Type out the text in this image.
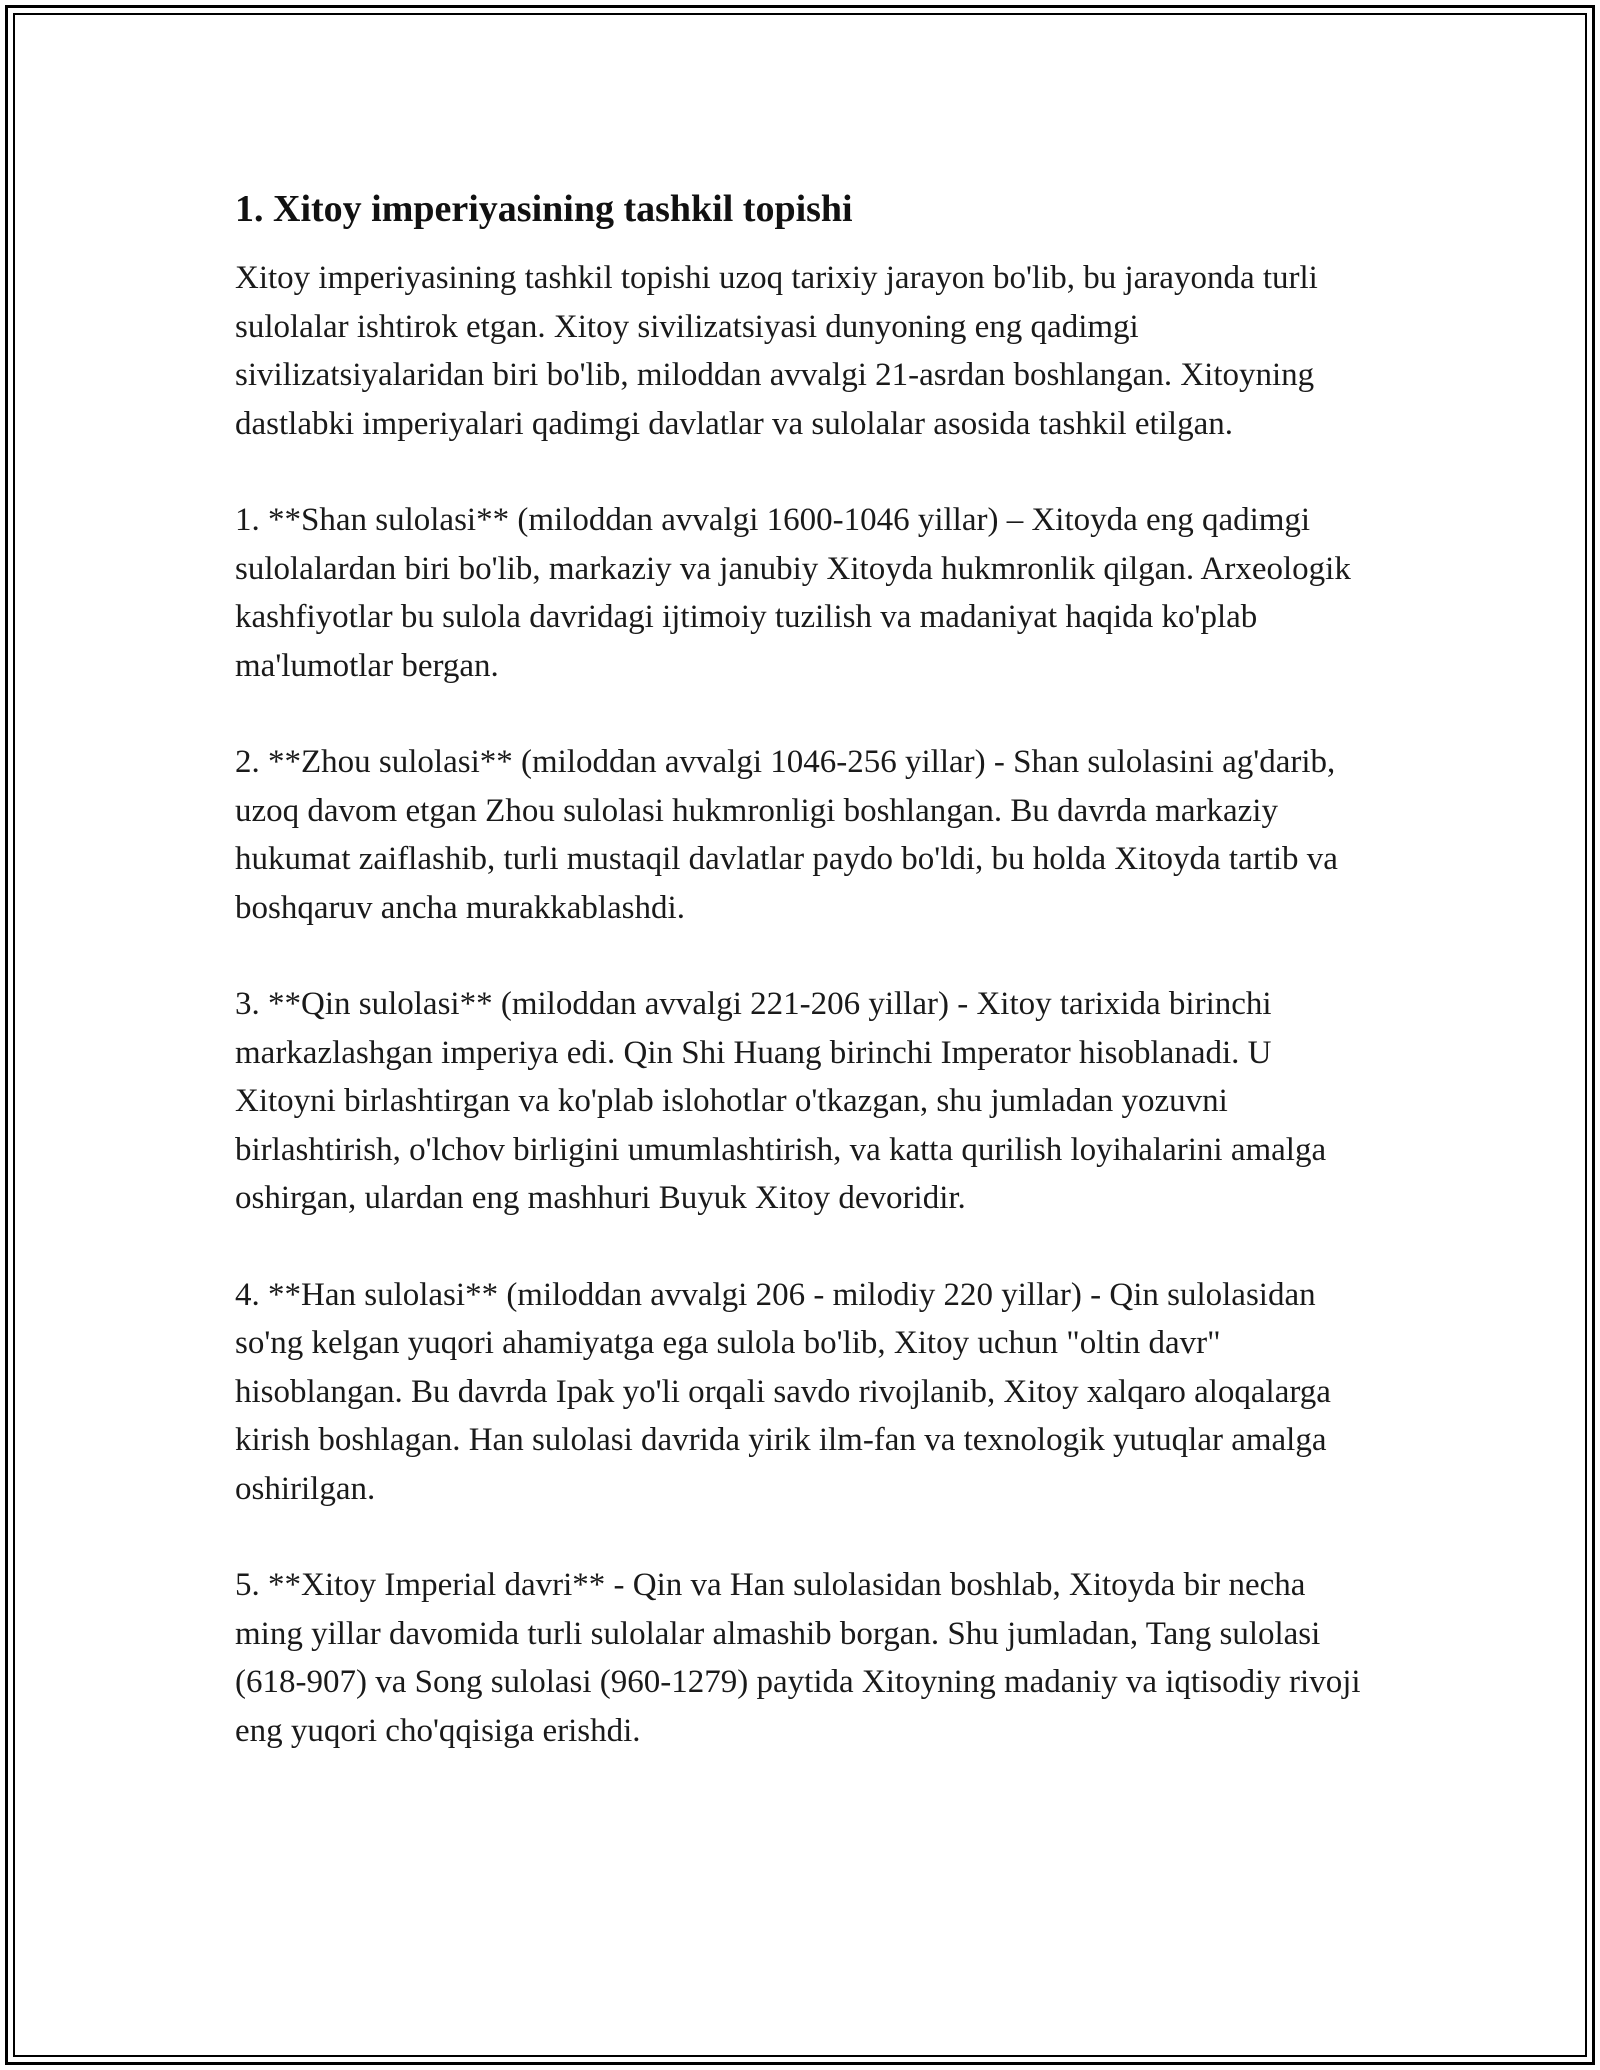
1. Xitoy imperiyasining tashkil topishi

Xitoy imperiyasining tashkil topishi uzoq tarixiy jarayon bo'lib, bu jarayonda turli sulolalar ishtirok etgan. Xitoy sivilizatsiyasi dunyoning eng qadimgi sivilizatsiyalaridan biri bo'lib, miloddan avvalgi 21-asrdan boshlangan. Xitoyning dastlabki imperiyalari qadimgi davlatlar va sulolalar asosida tashkil etilgan.

1. **Shan sulolasi** (miloddan avvalgi 1600-1046 yillar) – Xitoyda eng qadimgi sulolalardan biri bo'lib, markaziy va janubiy Xitoyda hukmronlik qilgan. Arxeologik kashfiyotlar bu sulola davridagi ijtimoiy tuzilish va madaniyat haqida ko'plab ma'lumotlar bergan.

2. **Zhou sulolasi** (miloddan avvalgi 1046-256 yillar) - Shan sulolasini ag'darib, uzoq davom etgan Zhou sulolasi hukmronligi boshlangan. Bu davrda markaziy hukumat zaiflashib, turli mustaqil davlatlar paydo bo'ldi, bu holda Xitoyda tartib va boshqaruv ancha murakkablashdi.

3. **Qin sulolasi** (miloddan avvalgi 221-206 yillar) - Xitoy tarixida birinchi markazlashgan imperiya edi. Qin Shi Huang birinchi Imperator hisoblanadi. U Xitoyni birlashtirgan va ko'plab islohotlar o'tkazgan, shu jumladan yozuvni birlashtirish, o'lchov birligini umumlashtirish, va katta qurilish loyihalarini amalga oshirgan, ulardan eng mashhuri Buyuk Xitoy devoridir.

4. **Han sulolasi** (miloddan avvalgi 206 - milodiy 220 yillar) - Qin sulolasidan so'ng kelgan yuqori ahamiyatga ega sulola bo'lib, Xitoy uchun "oltin davr" hisoblangan. Bu davrda Ipak yo'li orqali savdo rivojlanib, Xitoy xalqaro aloqalarga kirish boshlagan. Han sulolasi davrida yirik ilm-fan va texnologik yutuqlar amalga oshirilgan.

5. **Xitoy Imperial davri** - Qin va Han sulolasidan boshlab, Xitoyda bir necha ming yillar davomida turli sulolalar almashib borgan. Shu jumladan, Tang sulolasi (618-907) va Song sulolasi (960-1279) paytida Xitoyning madaniy va iqtisodiy rivoji eng yuqori cho'qqisiga erishdi.
